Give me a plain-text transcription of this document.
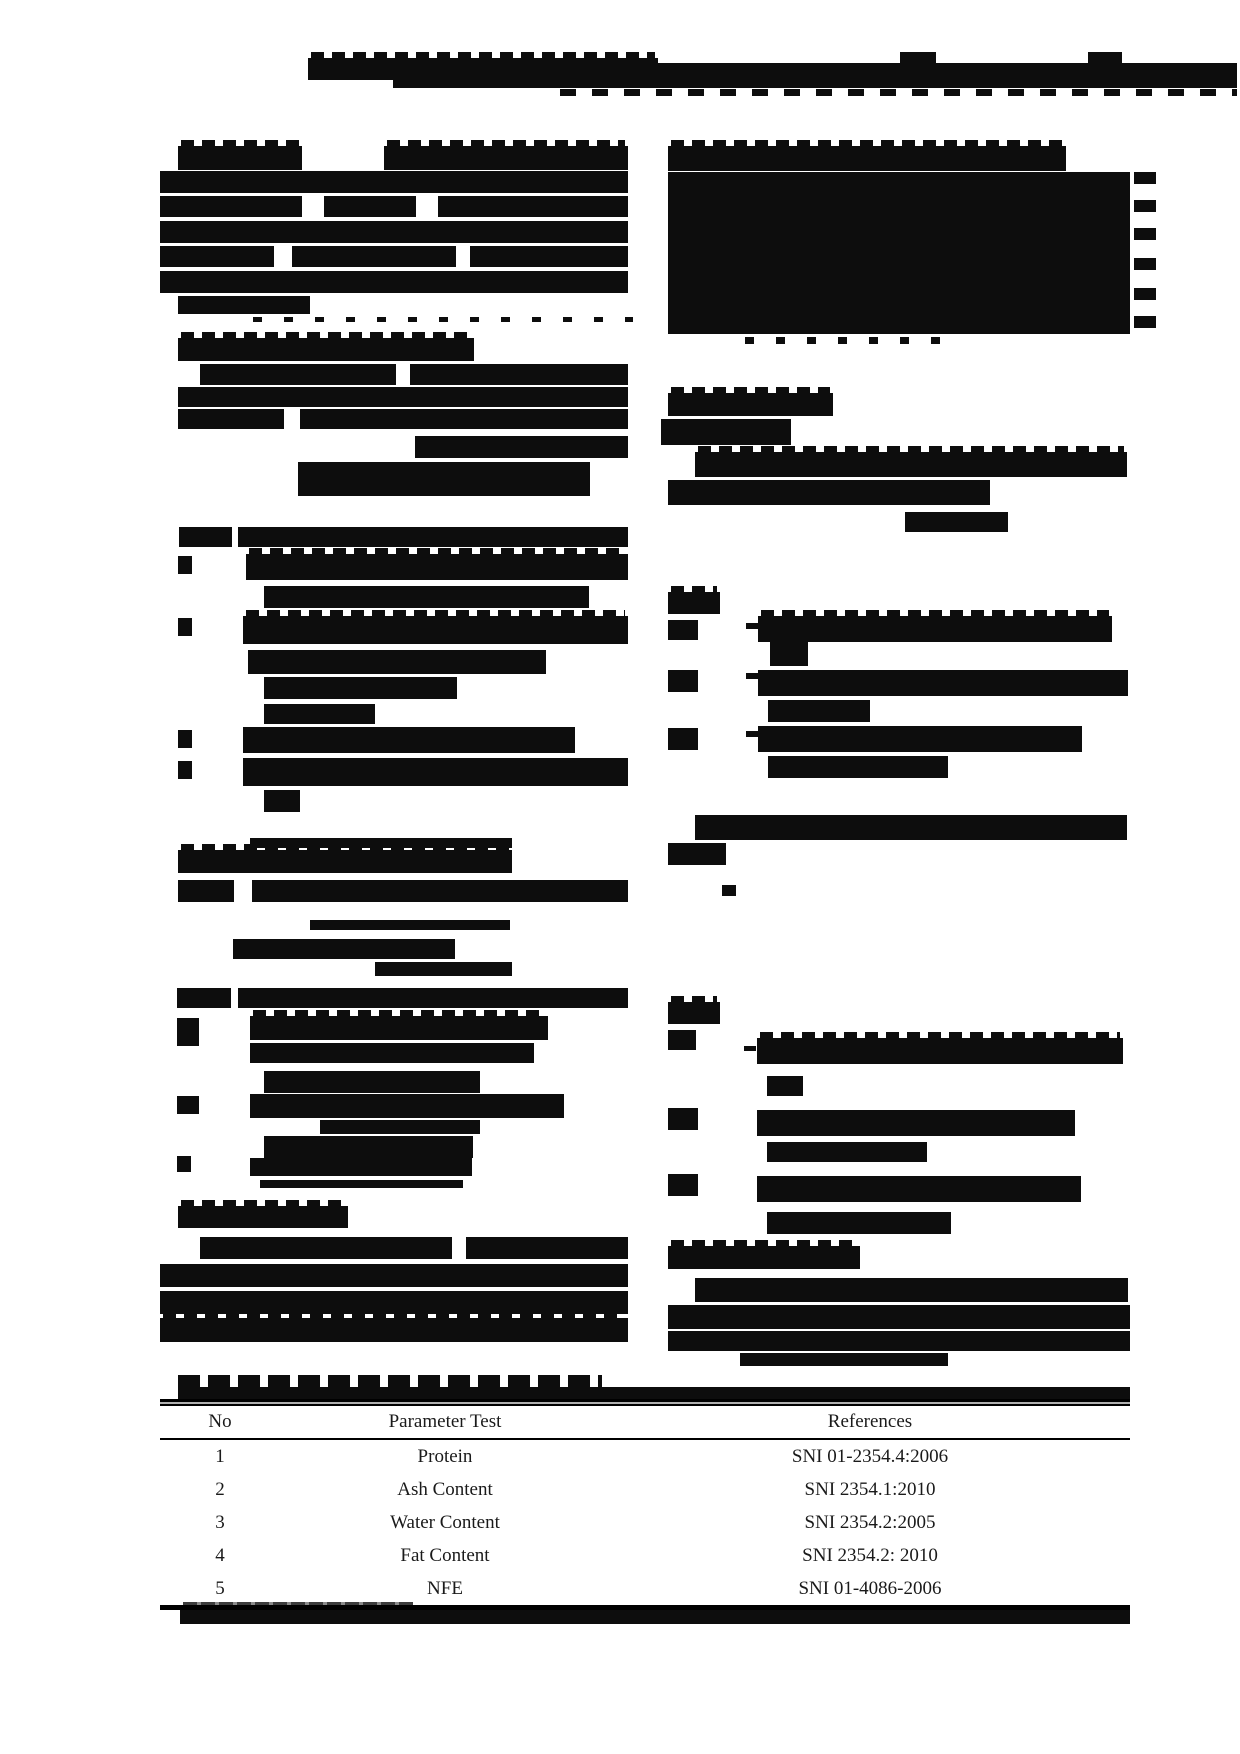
No	Parameter Test	References
1	Protein	SNI 01-2354.4:2006
2	Ash Content	SNI 2354.1:2010
3	Water Content	SNI 2354.2:2005
4	Fat Content	SNI 2354.2: 2010
5	NFE	SNI 01-4086-2006
